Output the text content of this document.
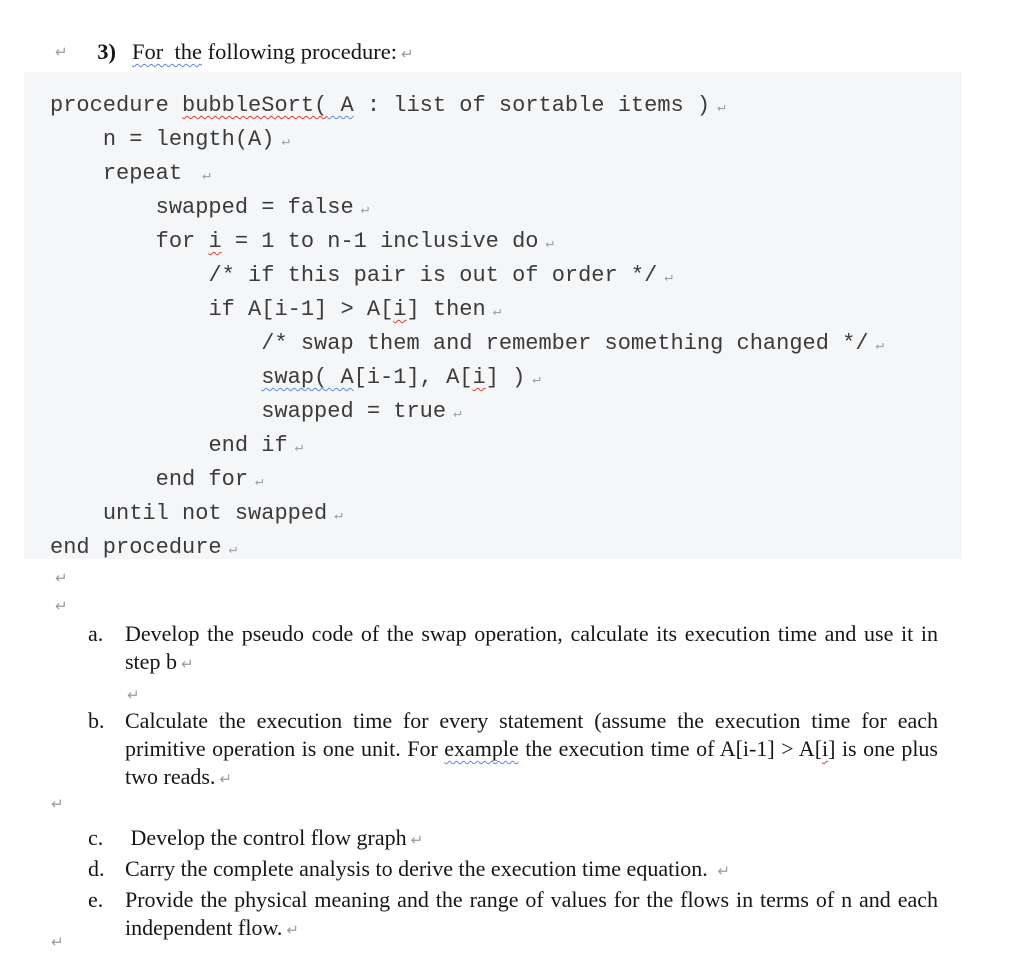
3) For  the following procedure: ↵

↵
procedure bubbleSort( A : list of sortable items ) ↵
n = length(A) ↵
repeat ↵
swapped = false ↵
for i = 1 to n-1 inclusive do ↵
/* if this pair is out of order */ ↵
if A[i-1] > A[i] then ↵
/* swap them and remember something changed */ ↵
swap( A[i-1], A[i] ) ↵
swapped = true ↵
end if ↵
end for ↵
until not swapped ↵
end procedure ↵
↵
↵
a. Develop the pseudo code of the swap operation, calculate its execution time and use it in step b ↵
↵
b. Calculate the execution time for every statement (assume the execution time for each primitive operation is one unit. For example the execution time of A[i-1] > A[i] is one plus two reads. ↵
c. Develop the control flow graph ↵
d. Carry the complete analysis to derive the execution time equation. ↵
e. Provide the physical meaning and the range of values for the flows in terms of n and each independent flow. ↵
↵
↵
